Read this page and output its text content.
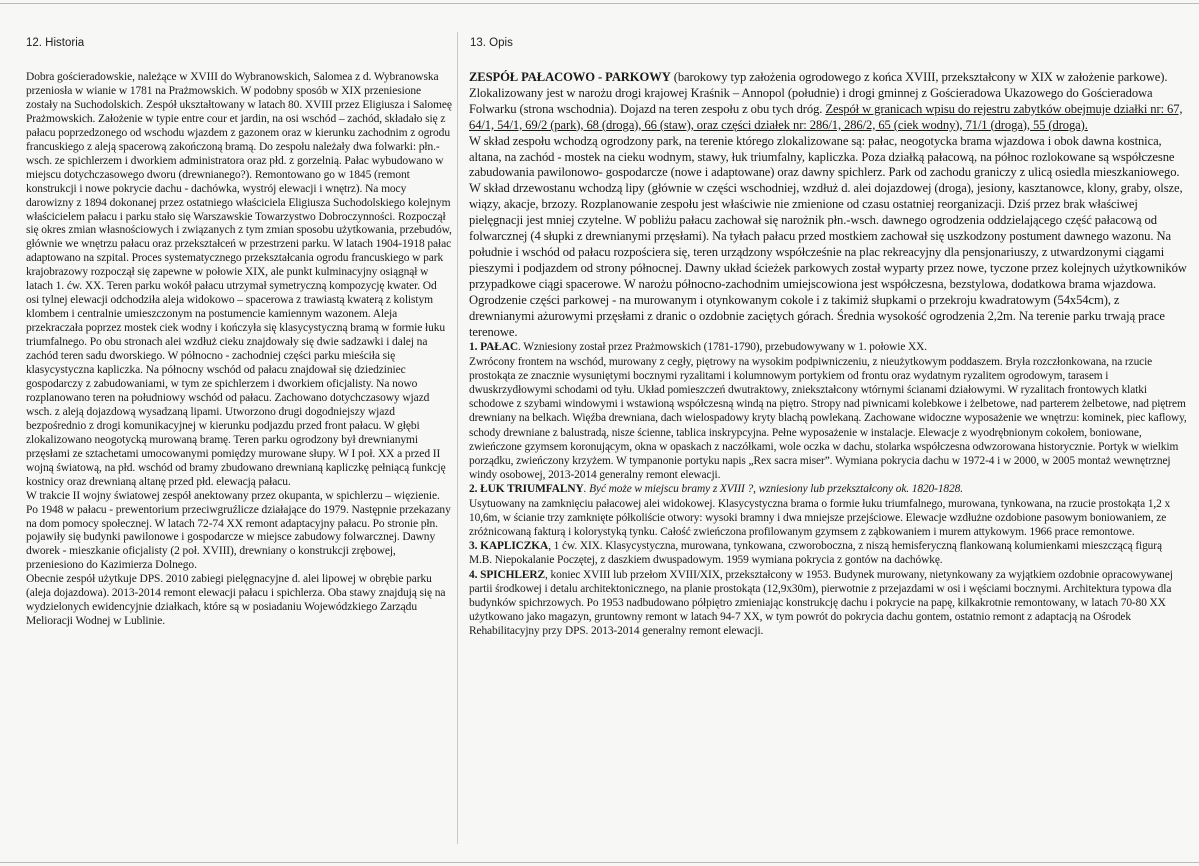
12. Historia

Dobra gościeradowskie, należące w XVIII do Wybranowskich, Salomea z d. Wybranowska przeniosła w wianie w 1781 na Prażmowskich. W podobny sposób w XIX przeniesione zostały na Suchodolskich. Zespół ukształtowany w latach 80. XVIII przez Eligiusza i Salomeę Prażmowskich. Założenie w typie entre cour et jardin, na osi wschód – zachód, składało się z pałacu poprzedzonego od wschodu wjazdem z gazonem oraz w kierunku zachodnim z ogrodu francuskiego z aleją spacerową zakończoną bramą. Do zespołu należały dwa folwarki: płn.-wsch. ze spichlerzem i dworkiem administratora oraz płd. z gorzelnią. Pałac wybudowano w miejscu dotychczasowego dworu (drewnianego?). Remontowano go w 1845 (remont konstrukcji i nowe pokrycie dachu - dachówka, wystrój elewacji i wnętrz). Na mocy darowizny z 1894 dokonanej przez ostatniego właściciela Eligiusza Suchodolskiego kolejnym właścicielem pałacu i parku stało się Warszawskie Towarzystwo Dobroczynności. Rozpoczął się okres zmian własnościowych i związanych z tym zmian sposobu użytkowania, przebudów, głównie we wnętrzu pałacu oraz przekształceń w przestrzeni parku. W latach 1904-1918 pałac adaptowano na szpital. Proces systematycznego przekształcania ogrodu francuskiego w park krajobrazowy rozpoczął się zapewne w połowie XIX, ale punkt kulminacyjny osiągnął w latach 1. ćw. XX. Teren parku wokół pałacu utrzymał symetryczną kompozycję kwater. Od osi tylnej elewacji odchodziła aleja widokowo – spacerowa z trawiastą kwaterą z kolistym klombem i centralnie umieszczonym na postumencie kamiennym wazonem. Aleja przekraczała poprzez mostek ciek wodny i kończyła się klasycystyczną bramą w formie łuku triumfalnego. Po obu stronach alei wzdłuż cieku znajdowały się dwie sadzawki i dalej na zachód teren sadu dworskiego. W północno - zachodniej części parku mieściła się klasycystyczna kapliczka. Na północny wschód od pałacu znajdował się dziedziniec gospodarczy z zabudowaniami, w tym ze spichlerzem i dworkiem oficjalisty. Na nowo rozplanowano teren na południowy wschód od pałacu. Zachowano dotychczasowy wjazd wsch. z aleją dojazdową wysadzaną lipami. Utworzono drugi dogodniejszy wjazd bezpośrednio z drogi komunikacyjnej w kierunku podjazdu przed front pałacu. W głębi zlokalizowano neogotycką murowaną bramę. Teren parku ogrodzony był drewnianymi przęsłami ze sztachetami umocowanymi pomiędzy murowane słupy. W I poł. XX a przed II wojną światową, na płd. wschód od bramy zbudowano drewnianą kapliczkę pełniącą funkcję kostnicy oraz drewnianą altanę przed płd. elewacją pałacu.

W trakcie II wojny światowej zespół anektowany przez okupanta, w spichlerzu – więzienie. Po 1948 w pałacu - prewentorium przeciwgruźlicze działające do 1979. Następnie przekazany na dom pomocy społecznej. W latach 72-74 XX remont adaptacyjny pałacu. Po stronie płn. pojawiły się budynki pawilonowe i gospodarcze w miejsce zabudowy folwarcznej. Dawny dworek - mieszkanie oficjalisty (2 poł. XVIII), drewniany o konstrukcji zrębowej, przeniesiono do Kazimierza Dolnego.

Obecnie zespół użytkuje DPS. 2010 zabiegi pielęgnacyjne d. alei lipowej w obrębie parku (aleja dojazdowa). 2013-2014 remont elewacji pałacu i spichlerza. Oba stawy znajdują się na wydzielonych ewidencyjnie działkach, które są w posiadaniu Wojewódzkiego Zarządu Melioracji Wodnej w Lublinie.

13. Opis

ZESPÓŁ PAŁACOWO - PARKOWY (barokowy typ założenia ogrodowego z końca XVIII, przekształcony w XIX w założenie parkowe). Zlokalizowany jest w narożu drogi krajowej Kraśnik – Annopol (południe) i drogi gminnej z Gościeradowa Ukazowego do Gościeradowa Folwarku (strona wschodnia). Dojazd na teren zespołu z obu tych dróg. Zespół w granicach wpisu do rejestru zabytków obejmuje działki nr: 67, 64/1, 54/1, 69/2 (park), 68 (droga), 66 (staw), oraz części działek nr: 286/1, 286/2, 65 (ciek wodny), 71/1 (droga), 55 (droga).

W skład zespołu wchodzą ogrodzony park, na terenie którego zlokalizowane są: pałac, neogotycka brama wjazdowa i obok dawna kostnica, altana, na zachód - mostek na cieku wodnym, stawy, łuk triumfalny, kapliczka. Poza działką pałacową, na północ rozlokowane są współczesne zabudowania pawilonowo- gospodarcze (nowe i adaptowane) oraz dawny spichlerz. Park od zachodu graniczy z ulicą osiedla mieszkaniowego. W skład drzewostanu wchodzą lipy (głównie w części wschodniej, wzdłuż d. alei dojazdowej (droga), jesiony, kasztanowce, klony, graby, olsze, wiązy, akacje, brzozy. Rozplanowanie zespołu jest właściwie nie zmienione od czasu ostatniej reorganizacji. Dziś przez brak właściwej pielęgnacji jest mniej czytelne. W pobliżu pałacu zachował się narożnik płn.-wsch. dawnego ogrodzenia oddzielającego część pałacową od folwarcznej (4 słupki z drewnianymi przęsłami). Na tyłach pałacu przed mostkiem zachował się uszkodzony postument dawnego wazonu. Na południe i wschód od pałacu rozpościera się, teren urządzony współcześnie na plac rekreacyjny dla pensjonariuszy, z utwardzonymi ciągami pieszymi i podjazdem od strony północnej. Dawny układ ścieżek parkowych został wyparty przez nowe, tyczone przez kolejnych użytkowników przypadkowe ciągi spacerowe. W narożu północno-zachodnim umiejscowiona jest współczesna, bezstylowa, dodatkowa brama wjazdowa. Ogrodzenie części parkowej - na murowanym i otynkowanym cokole i z takimiż słupkami o przekroju kwadratowym (54x54cm), z drewnianymi ażurowymi przęsłami z dranic o ozdobnie zaciętych górach. Średnia wysokość ogrodzenia 2,2m. Na terenie parku trwają prace terenowe.

1. PAŁAC. Wzniesiony został przez Prażmowskich (1781-1790), przebudowywany w 1. połowie XX.

Zwrócony frontem na wschód, murowany z cegły, piętrowy na wysokim podpiwniczeniu, z nieużytkowym poddaszem. Bryła rozczłonkowana, na rzucie prostokąta ze znacznie wysuniętymi bocznymi ryzalitami i kolumnowym portykiem od frontu oraz wydatnym ryzalitem ogrodowym, tarasem i dwuskrzydłowymi schodami od tyłu. Układ pomieszczeń dwutraktowy, zniekształcony wtórnymi ścianami działowymi. W ryzalitach frontowych klatki schodowe z szybami windowymi i wstawioną współczesną windą na piętro. Stropy nad piwnicami kolebkowe i żelbetowe, nad parterem żelbetowe, nad piętrem drewniany na belkach. Więźba drewniana, dach wielospadowy kryty blachą powlekaną. Zachowane widoczne wyposażenie we wnętrzu: kominek, piec kaflowy, schody drewniane z balustradą, nisze ścienne, tablica inskrypcyjna. Pełne wyposażenie w instalacje. Elewacje z wyodrębnionym cokołem, boniowane, zwieńczone gzymsem koronującym, okna w opaskach z naczółkami, wole oczka w dachu, stolarka współczesna odwzorowana historycznie. Portyk w wielkim porządku, zwieńczony krzyżem. W tympanonie portyku napis „Rex sacra miser”. Wymiana pokrycia dachu w 1972-4 i w 2000, w 2005 montaż wewnętrznej windy osobowej, 2013-2014 generalny remont elewacji.

2. ŁUK TRIUMFALNY. Być może w miejscu bramy z XVIII ?, wzniesiony lub przekształcony ok. 1820-1828.

Usytuowany na zamknięciu pałacowej alei widokowej. Klasycystyczna brama o formie łuku triumfalnego, murowana, tynkowana, na rzucie prostokąta 1,2 x 10,6m, w ścianie trzy zamknięte półkoliście otwory: wysoki bramny i dwa mniejsze przejściowe. Elewacje wzdłużne ozdobione pasowym boniowaniem, ze zróżnicowaną fakturą i kolorystyką tynku. Całość zwieńczona profilowanym gzymsem z ząbkowaniem i murem attykowym. 1966 prace remontowe.

3. KAPLICZKA, 1 ćw. XIX. Klasycystyczna, murowana, tynkowana, czworoboczna, z niszą hemisferyczną flankowaną kolumienkami mieszczącą figurą M.B. Niepokalanie Poczętej, z daszkiem dwuspadowym. 1959 wymiana pokrycia z gontów na dachówkę.

4. SPICHLERZ, koniec XVIII lub przełom XVIII/XIX, przekształcony w 1953. Budynek murowany, nietynkowany za wyjątkiem ozdobnie opracowywanej partii środkowej i detalu architektonicznego, na planie prostokąta (12,9x30m), pierwotnie z przejazdami w osi i węściami bocznymi. Architektura typowa dla budynków spichrzowych. Po 1953 nadbudowano półpiętro zmieniając konstrukcję dachu i pokrycie na papę, kilkakrotnie remontowany, w latach 70-80 XX użytkowano jako magazyn, gruntowny remont w latach 94-7 XX, w tym powrót do pokrycia dachu gontem, ostatnio remont z adaptacją na Ośrodek Rehabilitacyjny przy DPS. 2013-2014 generalny remont elewacji.
